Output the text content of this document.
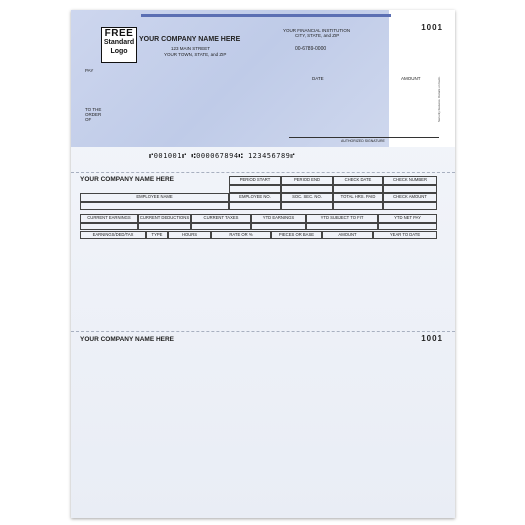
FREE
Standard
Logo
YOUR COMPANY NAME HERE
123 MAIN STREET
YOUR TOWN, STATE, and ZIP
YOUR FINANCIAL INSTITUTION
CITY, STATE, and ZIP
00-6789-0000
1001
PAY
DATE	AMOUNT
TO THE
ORDER
OF
AUTHORIZED SIGNATURE
Security features. Details on back.
⑈001001⑈ ⑆000067894⑆ 123456789⑈
YOUR COMPANY NAME HERE	PERIOD START	PERIOD END	CHECK DATE	CHECK NUMBER
EMPLOYEE NAME	EMPLOYEE NO.	SOC. SEC. NO.	TOTAL HRS. PAID	CHECK AMOUNT
CURRENT EARNINGS	CURRENT DEDUCTIONS	CURRENT TAXES	YTD EARNINGS	YTD SUBJECT TO FIT	YTD NET PAY
EARNINGS/DED/TAX	TYPE	HOURS	RATE OR %	PIECES OR BASE	AMOUNT	YEAR TO DATE
YOUR COMPANY NAME HERE	1001
